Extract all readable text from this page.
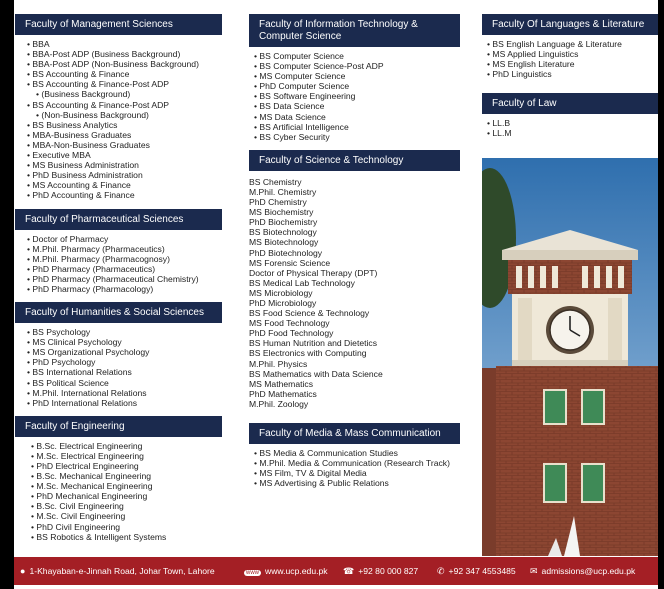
Faculty of Management Sciences
• BBA
• BBA-Post ADP (Business Background)
• BBA-Post ADP (Non-Business Background)
• BS Accounting & Finance
• BS Accounting & Finance-Post ADP
• (Business Background)
• BS Accounting & Finance-Post ADP
• (Non-Business Background)
• BS Business Analytics
• MBA-Business Graduates
• MBA-Non-Business Graduates
• Executive MBA
• MS Business Administration
• PhD Business Administration
• MS Accounting & Finance
• PhD Accounting & Finance
Faculty of Pharmaceutical Sciences
• Doctor of Pharmacy
• M.Phil. Pharmacy (Pharmaceutics)
• M.Phil. Pharmacy (Pharmacognosy)
• PhD Pharmacy (Pharmaceutics)
• PhD Pharmacy (Pharmaceutical Chemistry)
• PhD Pharmacy (Pharmacology)
Faculty of Humanities & Social Sciences
• BS Psychology
• MS Clinical Psychology
• MS Organizational Psychology
• PhD Psychology
• BS International Relations
• BS Political Science
• M.Phil. International Relations
• PhD International Relations
Faculty of Engineering
• B.Sc. Electrical Engineering
• M.Sc. Electrical Engineering
• PhD Electrical Engineering
• B.Sc. Mechanical Engineering
• M.Sc. Mechanical Engineering
• PhD Mechanical Engineering
• B.Sc. Civil Engineering
• M.Sc. Civil Engineering
• PhD Civil Engineering
• BS Robotics & Intelligent Systems
Faculty of Information Technology & Computer Science
• BS Computer Science
• BS Computer Science-Post ADP
• MS Computer Science
• PhD Computer Science
• BS Software Engineering
• BS Data Science
• MS Data Science
• BS Artificial Intelligence
• BS Cyber Security
Faculty of Science & Technology
BS Chemistry
M.Phil. Chemistry
PhD Chemistry
MS Biochemistry
PhD Biochemistry
BS Biotechnology
MS Biotechnology
PhD Biotechnology
MS Forensic Science
Doctor of Physical Therapy (DPT)
BS Medical Lab Technology
MS Microbiology
PhD Microbiology
BS Food Science & Technology
MS Food Technology
PhD Food Technology
BS Human Nutrition and Dietetics
BS Electronics with Computing
M.Phil. Physics
BS Mathematics with Data Science
MS Mathematics
PhD Mathematics
M.Phil. Zoology
Faculty of Media & Mass Communication
• BS Media & Communication Studies
• M.Phil. Media & Communication (Research Track)
• MS Film, TV & Digital Media
• MS Advertising & Public Relations
Faculty Of Languages & Literature
• BS English Language & Literature
• MS Applied Linguistics
• MS English Literature
• PhD Linguistics
Faculty of Law
• LL.B
• LL.M
● 1-Khayaban-e-Jinnah Road, Johar Town, Lahore	www www.ucp.edu.pk ☎ +92 80 000 827 ✆ +92 347 4553485 ✉ admissions@ucp.edu.pk
